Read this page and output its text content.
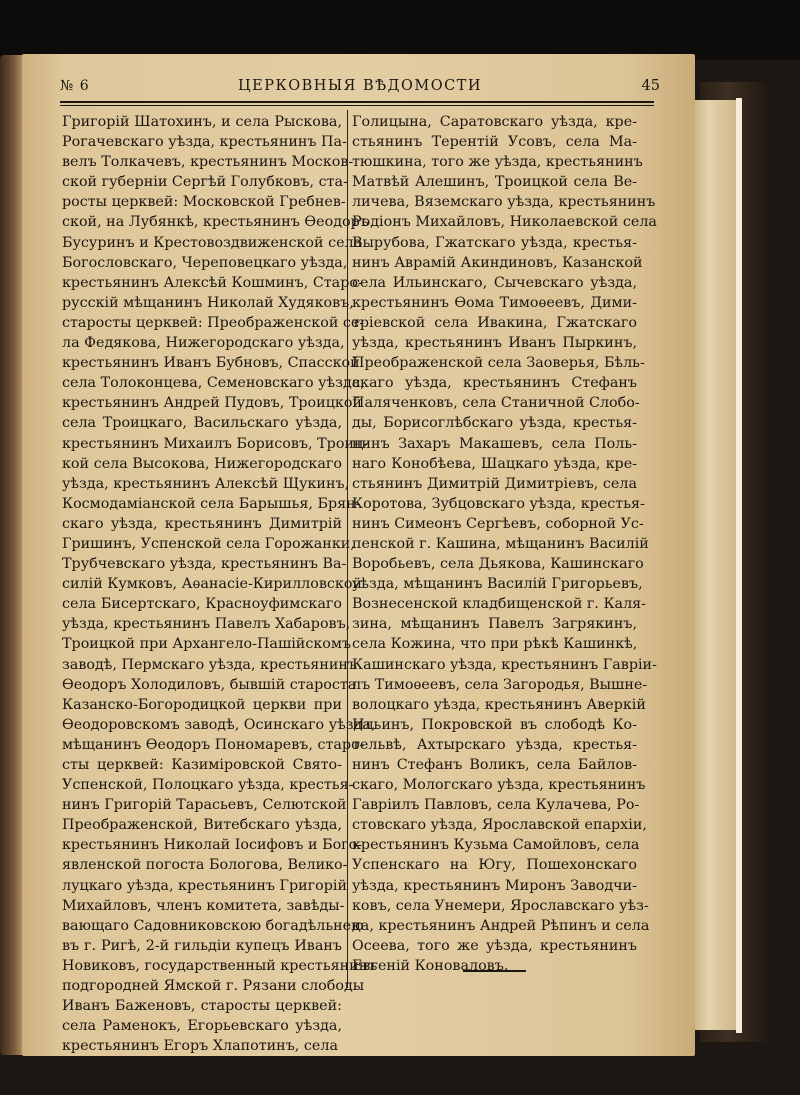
№ 6	ЦЕРКОВНЫЯ ВѢДОМОСТИ	45
Григорій Шатохинъ, и села Рыскова,
Рогачевскаго уѣзда, крестьянинъ Па-
велъ Толкачевъ, крестьянинъ Москов-
ской губерніи Сергѣй Голубковъ, ста-
росты церквей: Московской Гребнев-
ской, на Лубянкѣ, крестьянинъ Ѳеодоръ
Бусуринъ и Крестовоздвиженской села
Богословскаго, Череповецкаго уѣзда,
крестьянинъ Алексѣй Кошминъ, Старо-
русскій мѣщанинъ Николай Худяковъ,
старосты церквей: Преображенской се-
ла Федякова, Нижегородскаго уѣзда,
крестьянинъ Иванъ Бубновъ, Спасской
села Толоконцева, Семеновскаго уѣзда,
крестьянинъ Андрей Пудовъ, Троицкой
села Троицкаго, Васильскаго уѣзда,
крестьянинъ Михаилъ Борисовъ, Троиц-
кой села Высокова, Нижегородскаго
уѣзда, крестьянинъ Алексѣй Щукинъ,
Космодаміанской села Барышья, Брян-
скаго уѣзда, крестьянинъ Димитрій
Гришинъ, Успенской села Горожанки,
Трубчевскаго уѣзда, крестьянинъ Ва-
силій Кумковъ, Аѳанасіе-Кирилловской
села Бисертскаго, Красноуфимскаго
уѣзда, крестьянинъ Павелъ Хабаровъ,
Троицкой при Архангело-Пашійскомъ
заводѣ, Пермскаго уѣзда, крестьянинъ
Ѳеодоръ Холодиловъ, бывшій староста
Казанско-Богородицкой церкви при
Ѳеодоровскомъ заводѣ, Осинскаго уѣзда,
мѣщанинъ Ѳеодоръ Пономаревъ, старо-
сты церквей: Казиміровской Свято-
Успенской, Полоцкаго уѣзда, крестья-
нинъ Григорій Тарасьевъ, Селютской
Преображенской, Витебскаго уѣзда,
крестьянинъ Николай Іосифовъ и Бого-
явленской погоста Бологова, Велико-
луцкаго уѣзда, крестьянинъ Григорій
Михайловъ, членъ комитета, завѣды-
вающаго Садовниковскою богадѣльнею
въ г. Ригѣ, 2-й гильдіи купецъ Иванъ
Новиковъ, государственный крестьянинъ
подгородней Ямской г. Рязани слободы
Иванъ Баженовъ, старосты церквей:
села Раменокъ, Егорьевскаго уѣзда,
крестьянинъ Егоръ Хлапотинъ, села
Голицына, Саратовскаго уѣзда, кре-
стьянинъ Терентій Усовъ, села Ма-
тюшкина, того же уѣзда, крестьянинъ
Матвѣй Алешинъ, Троицкой села Ве-
личева, Вяземскаго уѣзда, крестьянинъ
Родіонъ Михайловъ, Николаевской села
Вырубова, Гжатскаго уѣзда, крестья-
нинъ Аврамій Акиндиновъ, Казанской
села Ильинскаго, Сычевскаго уѣзда,
крестьянинъ Ѳома Тимоѳеевъ, Дими-
тріевской села Ивакина, Гжатскаго
уѣзда, крестьянинъ Иванъ Пыркинъ,
Преображенской села Заоверья, Бѣль-
скаго уѣзда, крестьянинъ Стефанъ
Паляченковъ, села Станичной Слобо-
ды, Борисоглѣбскаго уѣзда, крестья-
нинъ Захаръ Макашевъ, села Поль-
наго Конобѣева, Шацкаго уѣзда, кре-
стьянинъ Димитрій Димитріевъ, села
Коротова, Зубцовскаго уѣзда, крестья-
нинъ Симеонъ Сергѣевъ, соборной Ус-
пенской г. Кашина, мѣщанинъ Василій
Воробьевъ, села Дьякова, Кашинскаго
уѣзда, мѣщанинъ Василій Григорьевъ,
Вознесенской кладбищенской г. Каля-
зина, мѣщанинъ Павелъ Загрякинъ,
села Кожина, что при рѣкѣ Кашинкѣ,
Кашинскаго уѣзда, крестьянинъ Гавріи-
лъ Тимоѳеевъ, села Загородья, Вышне-
волоцкаго уѣзда, крестьянинъ Аверкій
Ильинъ, Покровской въ слободѣ Ко-
тельвѣ, Ахтырскаго уѣзда, крестья-
нинъ Стефанъ Воликъ, села Байлов-
скаго, Мологскаго уѣзда, крестьянинъ
Гавріилъ Павловъ, села Кулачева, Ро-
стовскаго уѣзда, Ярославской епархіи,
крестьянинъ Кузьма Самойловъ, села
Успенскаго на Югу, Пошехонскаго
уѣзда, крестьянинъ Миронъ Заводчи-
ковъ, села Унемери, Ярославскаго уѣз-
да, крестьянинъ Андрей Рѣпинъ и села
Осеева, того же уѣзда, крестьянинъ
Евгеній Коноваловъ.
